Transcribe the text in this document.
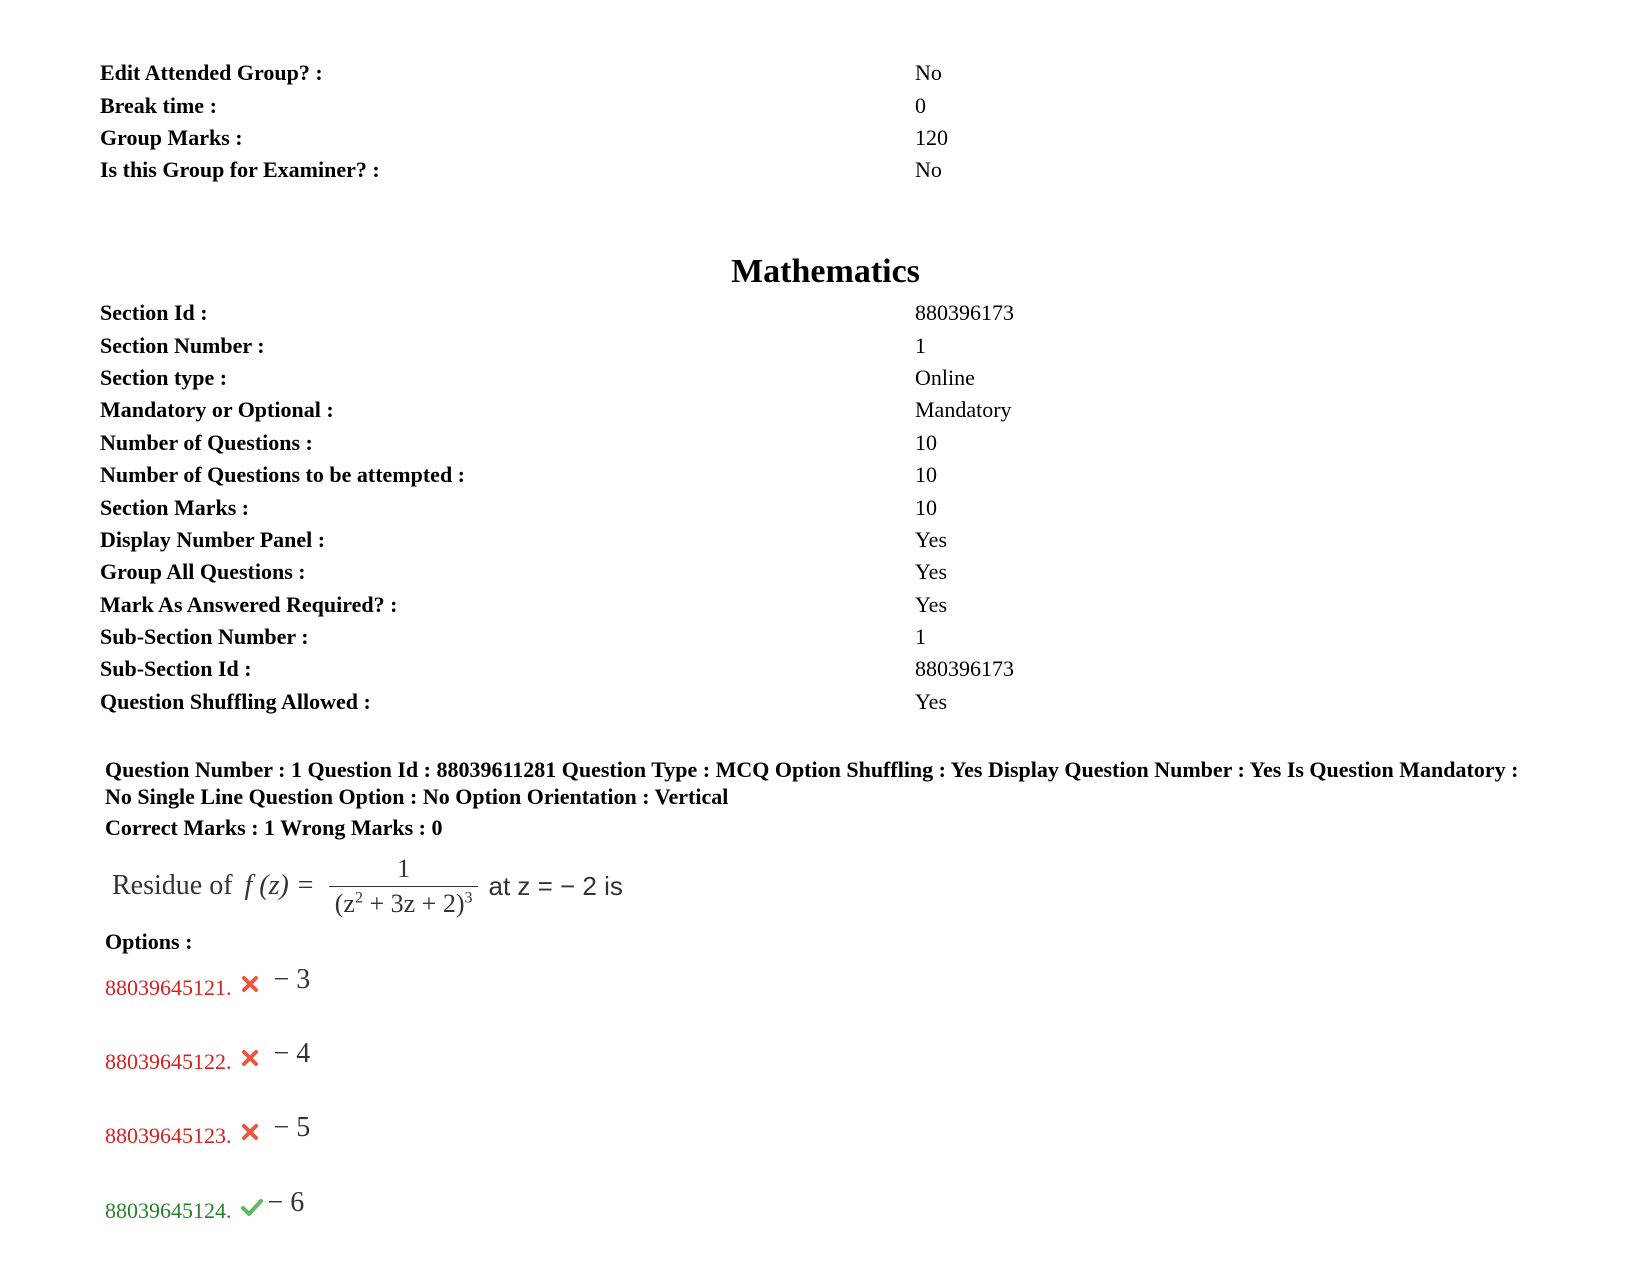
Edit Attended Group? :	No
Break time :	0
Group Marks :	120
Is this Group for Examiner? :	No
Mathematics
Section Id :	880396173
Section Number :	1
Section type :	Online
Mandatory or Optional :	Mandatory
Number of Questions :	10
Number of Questions to be attempted :	10
Section Marks :	10
Display Number Panel :	Yes
Group All Questions :	Yes
Mark As Answered Required? :	Yes
Sub-Section Number :	1
Sub-Section Id :	880396173
Question Shuffling Allowed :	Yes
Question Number : 1 Question Id : 88039611281 Question Type : MCQ Option Shuffling : Yes Display Question Number : Yes Is Question Mandatory : No Single Line Question Option : No Option Orientation : Vertical
Correct Marks : 1 Wrong Marks : 0
Residue of f $(z) = \frac{1}{(z^2 + 3z + 2)^3}$ at z = − 2 is
Options :
88039645121. − 3
88039645122. − 4
88039645123. − 5
88039645124. − 6
